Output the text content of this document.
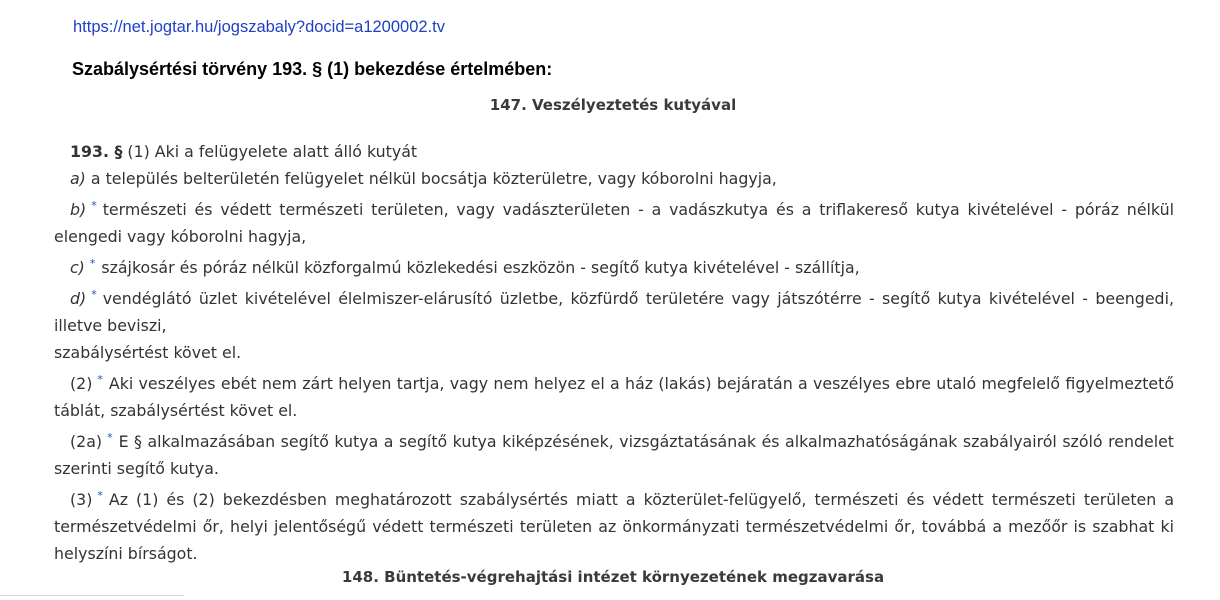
https://net.jogtar.hu/jogszabaly?docid=a1200002.tv
Szabálysértési törvény 193. § (1) bekezdése értelmében:
147. Veszélyeztetés kutyával

193. § (1) Aki a felügyelete alatt álló kutyát

a) a település belterületén felügyelet nélkül bocsátja közterületre, vagy kóborolni hagyja,

b) * természeti és védett természeti területen, vagy vadászterületen - a vadászkutya és a triflakereső kutya kivételével - póráz nélkül elengedi vagy kóborolni hagyja,

c) * szájkosár és póráz nélkül közforgalmú közlekedési eszközön - segítő kutya kivételével - szállítja,

d) * vendéglátó üzlet kivételével élelmiszer-elárusító üzletbe, közfürdő területére vagy játszótérre - segítő kutya kivételével - beengedi, illetve beviszi,

szabálysértést követ el.

(2) * Aki veszélyes ebét nem zárt helyen tartja, vagy nem helyez el a ház (lakás) bejáratán a veszélyes ebre utaló megfelelő figyelmeztető táblát, szabálysértést követ el.

(2a) * E § alkalmazásában segítő kutya a segítő kutya kiképzésének, vizsgáztatásának és alkalmazhatóságának szabályairól szóló rendelet szerinti segítő kutya.

(3) * Az (1) és (2) bekezdésben meghatározott szabálysértés miatt a közterület-felügyelő, természeti és védett természeti területen a természetvédelmi őr, helyi jelentőségű védett természeti területen az önkormányzati természetvédelmi őr, továbbá a mezőőr is szabhat ki helyszíni bírságot.

148. Büntetés-végrehajtási intézet környezetének megzavarása
